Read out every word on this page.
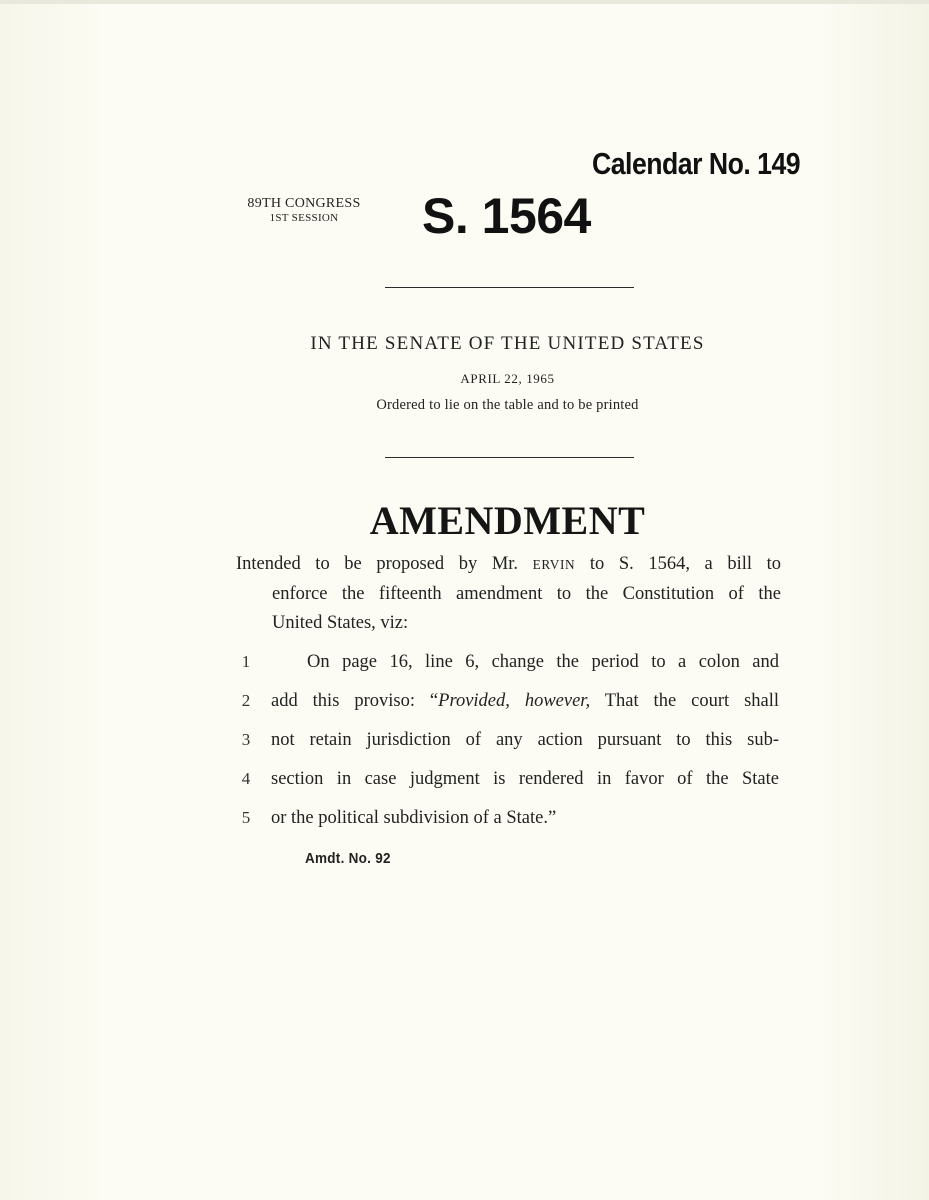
Calendar No. 149
89TH CONGRESS
1ST SESSION	S. 1564
IN THE SENATE OF THE UNITED STATES
APRIL 22, 1965
Ordered to lie on the table and to be printed
AMENDMENT
Intended to be proposed by Mr. ERVIN to S. 1564, a bill to
enforce the fifteenth amendment to the Constitution of the
United States, viz:
1	On page 16, line 6, change the period to a colon and
2	add this proviso: “Provided, however, That the court shall
3	not retain jurisdiction of any action pursuant to this sub-
4	section in case judgment is rendered in favor of the State
5	or the political subdivision of a State.”
Amdt. No. 92
